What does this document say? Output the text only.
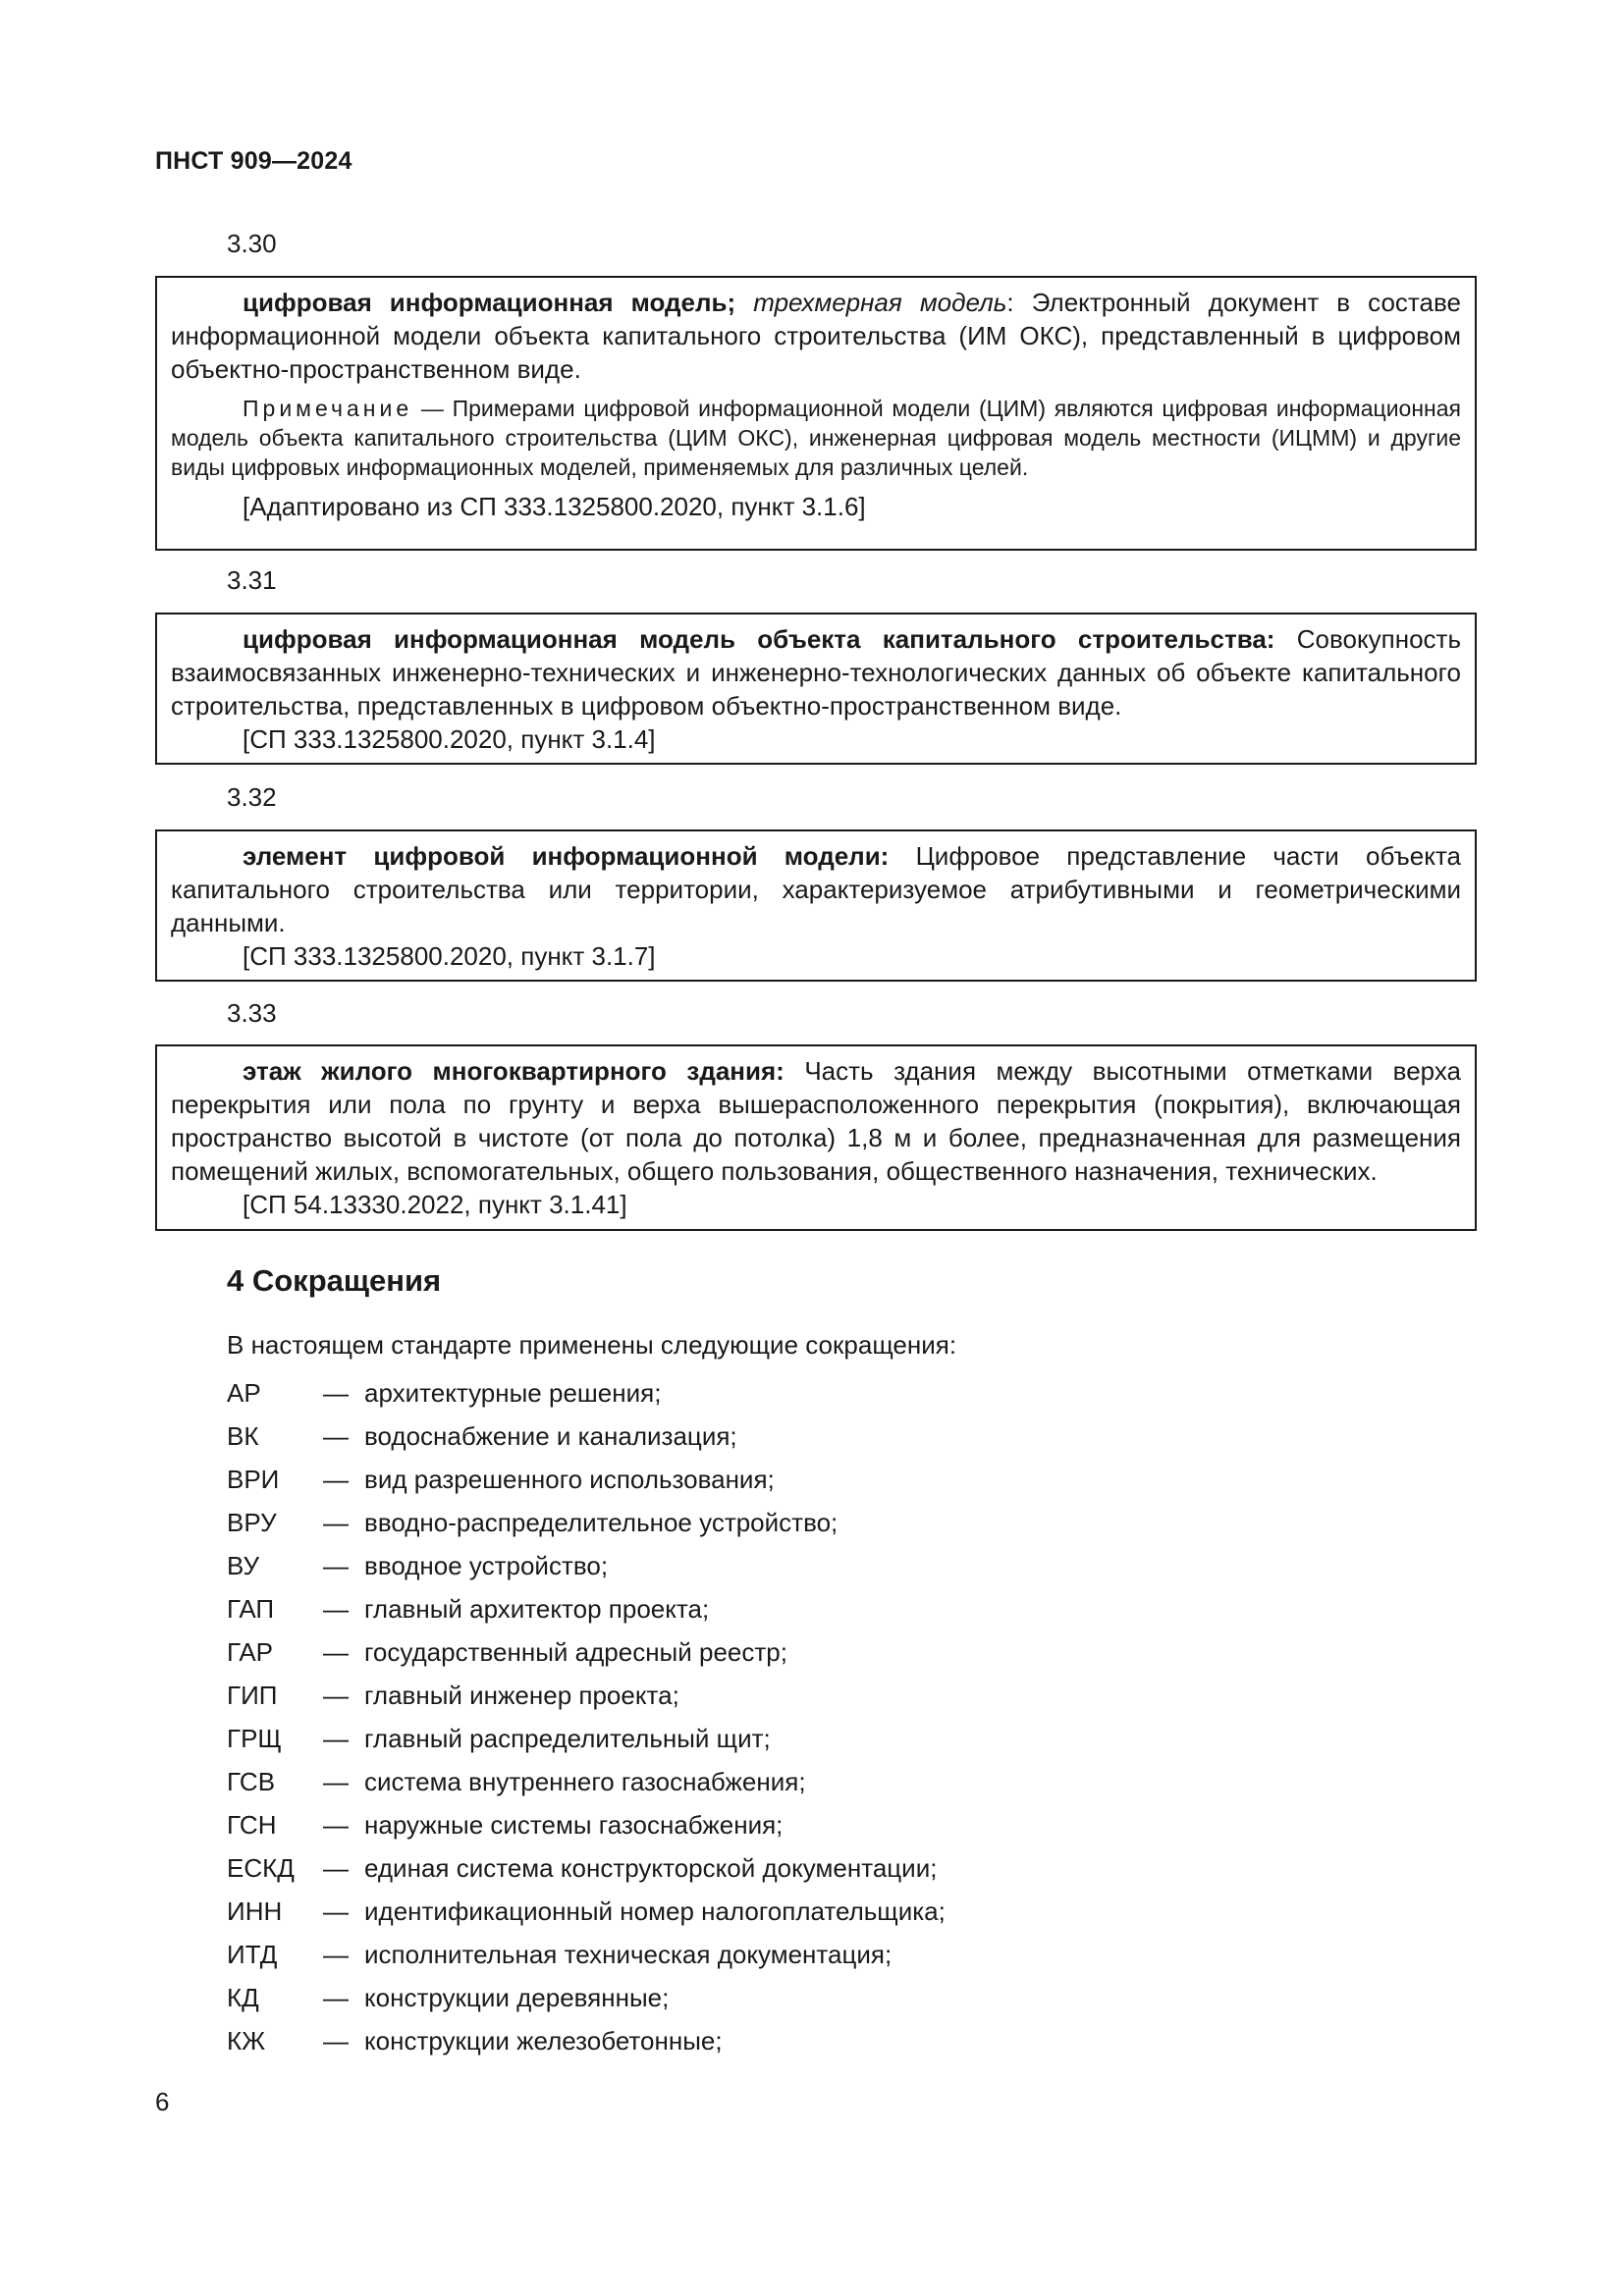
ПНСТ 909—2024
3.30

цифровая информационная модель; трехмерная модель: Электронный документ в составе информационной модели объекта капитального строительства (ИМ ОКС), представленный в цифровом объектно-пространственном виде.

Примечание — Примерами цифровой информационной модели (ЦИМ) являются цифровая информационная модель объекта капитального строительства (ЦИМ ОКС), инженерная цифровая модель местности (ИЦММ) и другие виды цифровых информационных моделей, применяемых для различных целей.

[Адаптировано из СП 333.1325800.2020, пункт 3.1.6]

3.31

цифровая информационная модель объекта капитального строительства: Совокупность взаимосвязанных инженерно-технических и инженерно-технологических данных об объекте капитального строительства, представленных в цифровом объектно-пространственном виде.

[СП 333.1325800.2020, пункт 3.1.4]

3.32

элемент цифровой информационной модели: Цифровое представление части объекта капитального строительства или территории, характеризуемое атрибутивными и геометрическими данными.

[СП 333.1325800.2020, пункт 3.1.7]

3.33

этаж жилого многоквартирного здания: Часть здания между высотными отметками верха перекрытия или пола по грунту и верха вышерасположенного перекрытия (покрытия), включающая пространство высотой в чистоте (от пола до потолка) 1,8 м и более, предназначенная для размещения помещений жилых, вспомогательных, общего пользования, общественного назначения, технических.

[СП 54.13330.2022, пункт 3.1.41]

4 Сокращения
В настоящем стандарте применены следующие сокращения:
АР — архитектурные решения;
ВК	— водоснабжение и канализация;
ВРИ — вид разрешенного использования;
ВРУ — вводно-распределительное устройство;
ВУ	— вводное устройство;
ГАП — главный архитектор проекта;
ГАР — государственный адресный реестр;
ГИП — главный инженер проекта;
ГРЩ — главный распределительный щит;
ГСВ — система внутреннего газоснабжения;
ГСН — наружные системы газоснабжения;
ЕСКД — единая система конструкторской документации;
ИНН — идентификационный номер налогоплательщика;
ИТД — исполнительная техническая документация;
КД	— конструкции деревянные;
КЖ — конструкции железобетонные;
6
